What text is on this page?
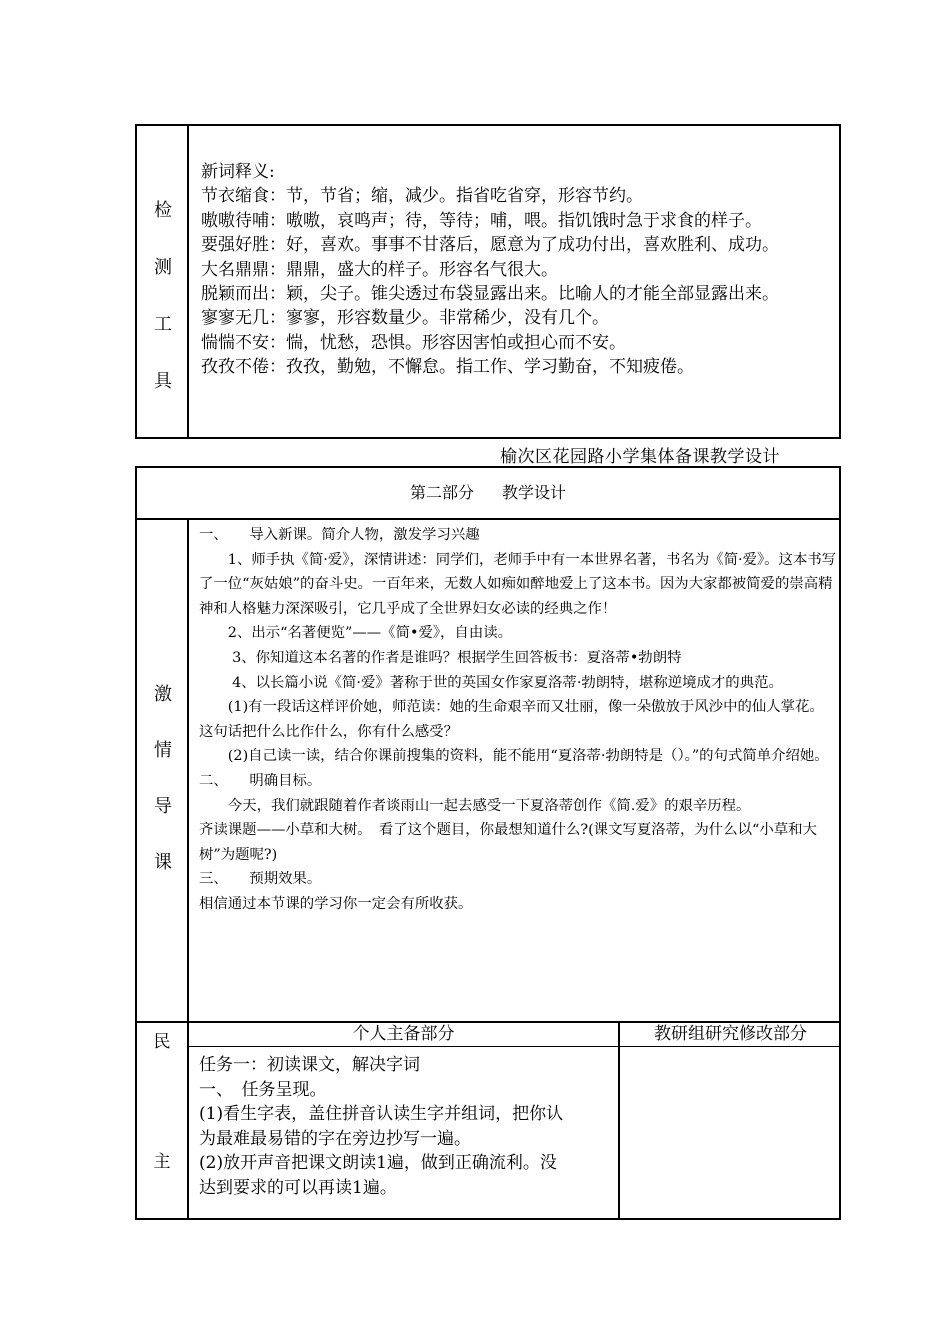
检
测
工
具
新词释义:
节衣缩食：节，节省；缩，减少。指省吃省穿，形容节约。
嗷嗷待哺：嗷嗷，哀鸣声；待，等待；哺，喂。指饥饿时急于求食的样子。
要强好胜：好，喜欢。事事不甘落后，愿意为了成功付出，喜欢胜利、成功。
大名鼎鼎：鼎鼎，盛大的样子。形容名气很大。
脱颖而出：颖，尖子。锥尖透过布袋显露出来。比喻人的才能全部显露出来。
寥寥无几：寥寥，形容数量少。非常稀少，没有几个。
惴惴不安：惴，忧愁，恐惧。形容因害怕或担心而不安。
孜孜不倦：孜孜，勤勉，不懈怠。指工作、学习勤奋，不知疲倦。
榆次区花园路小学集体备课教学设计
第二部分 教学设计
激
情
导
课

一、　　导入新课。简介人物，激发学习兴趣

1、师手执《简·爱》，深情讲述：同学们，老师手中有一本世界名著，书名为《简·爱》。这本书写了一位“灰姑娘”的奋斗史。一百年来，无数人如痴如醉地爱上了这本书。因为大家都被简爱的崇高精神和人格魅力深深吸引，它几乎成了全世界妇女必读的经典之作！

2、出示“名著便览”——《简•爱》，自由读。

3、你知道这本名著的作者是谁吗？根据学生回答板书：夏洛蒂•勃朗特

4、以长篇小说《简·爱》著称于世的英国女作家夏洛蒂·勃朗特，堪称逆境成才的典范。

(1)有一段话这样评价她，师范读：她的生命艰辛而又壮丽，像一朵傲放于风沙中的仙人掌花。

这句话把什么比作什么，你有什么感受？

(2)自己读一读，结合你课前搜集的资料，能不能用“夏洛蒂·勃朗特是（）。”的句式简单介绍她。

二、　　明确目标。

今天，我们就跟随着作者谈雨山一起去感受一下夏洛蒂创作《简.爱》的艰辛历程。

齐读课题——小草和大树。　看了这个题目，你最想知道什么?(课文写夏洛蒂，为什么以“小草和大树”为题呢?)

三、　　预期效果。

相信通过本节课的学习你一定会有所收获。

民
主
个人主备部分
任务一：初读课文，解决字词
一、　任务呈现。
(1)看生字表，盖住拼音认读生字并组词，把你认
为最难最易错的字在旁边抄写一遍。
(2)放开声音把课文朗读1遍，做到正确流利。没
达到要求的可以再读1遍。
教研组研究修改部分
